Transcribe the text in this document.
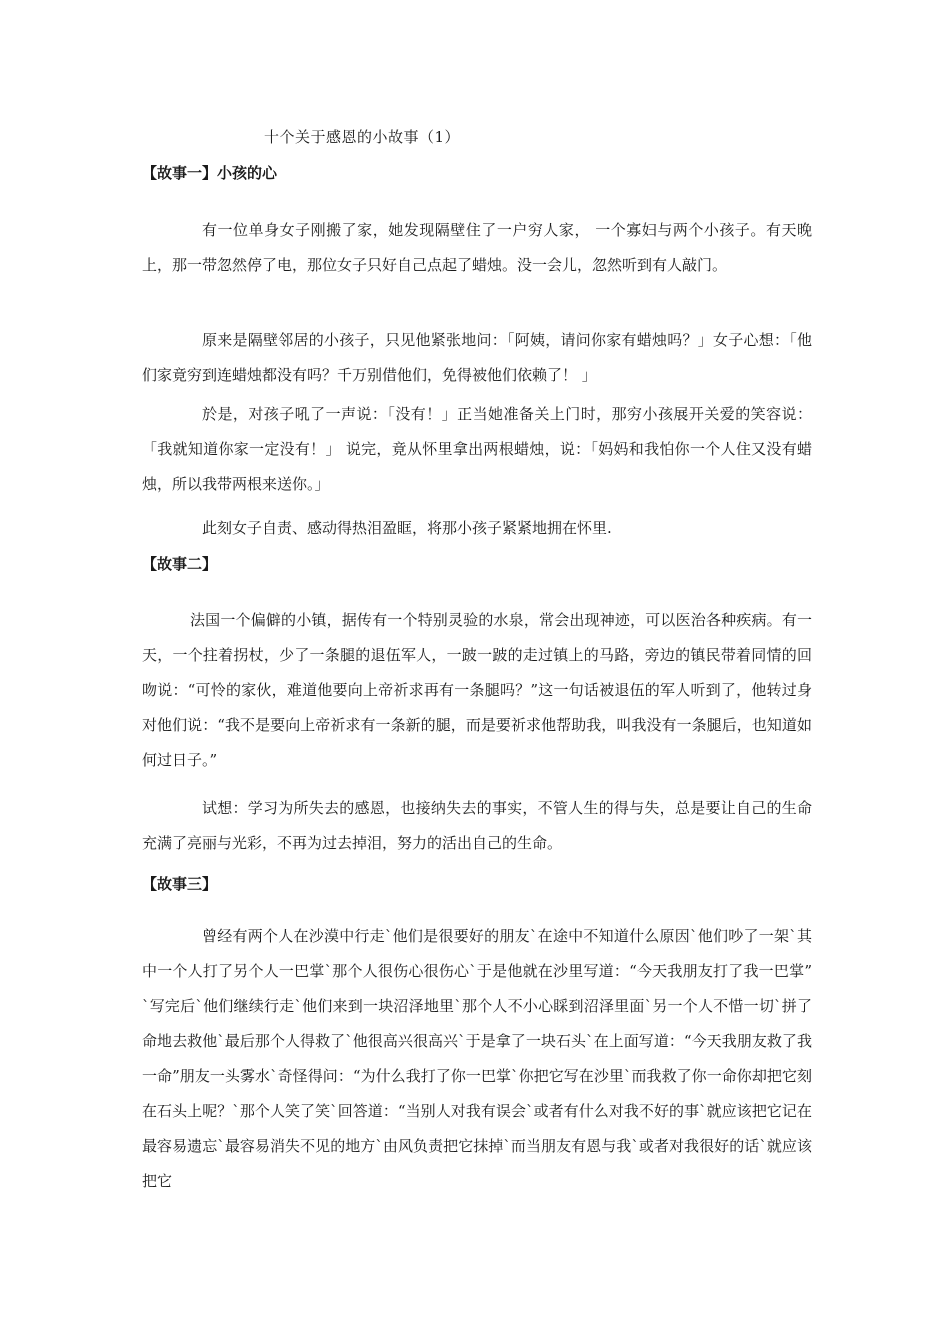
十个关于感恩的小故事（1）
【故事一】小孩的心

有一位单身女子刚搬了家，她发现隔壁住了一户穷人家， 一个寡妇与两个小孩子。有天晚上，那一带忽然停了电，那位女子只好自己点起了蜡烛。没一会儿，忽然听到有人敲门。

原来是隔壁邻居的小孩子，只见他紧张地问：「阿姨，请问你家有蜡烛吗？」女子心想：「他们家竟穷到连蜡烛都没有吗？千万别借他们，免得被他们依赖了！ 」

於是，对孩子吼了一声说：「没有！」正当她准备关上门时，那穷小孩展开关爱的笑容说：「我就知道你家一定没有！」 说完，竟从怀里拿出两根蜡烛，说：「妈妈和我怕你一个人住又没有蜡烛，所以我带两根来送你。」

此刻女子自责、感动得热泪盈眶，将那小孩子紧紧地拥在怀里.

【故事二】

法国一个偏僻的小镇，据传有一个特别灵验的水泉，常会出现神迹，可以医治各种疾病。有一天，一个拄着拐杖，少了一条腿的退伍军人，一跛一跛的走过镇上的马路，旁边的镇民带着同情的回吻说：“可怜的家伙，难道他要向上帝祈求再有一条腿吗？”这一句话被退伍的军人听到了，他转过身对他们说：“我不是要向上帝祈求有一条新的腿，而是要祈求他帮助我，叫我没有一条腿后，也知道如何过日子。”

试想：学习为所失去的感恩，也接纳失去的事实，不管人生的得与失，总是要让自己的生命充满了亮丽与光彩，不再为过去掉泪，努力的活出自己的生命。

【故事三】

曾经有两个人在沙漠中行走`他们是很要好的朋友`在途中不知道什么原因`他们吵了一架`其中一个人打了另个人一巴掌`那个人很伤心很伤心`于是他就在沙里写道：“今天我朋友打了我一巴掌” `写完后`他们继续行走`他们来到一块沼泽地里`那个人不小心睬到沼泽里面`另一个人不惜一切`拼了命地去救他`最后那个人得救了`他很高兴很高兴`于是拿了一块石头`在上面写道：“今天我朋友救了我一命”朋友一头雾水`奇怪得问：“为什么我打了你一巴掌`你把它写在沙里`而我救了你一命你却把它刻在石头上呢？`那个人笑了笑`回答道：“当别人对我有误会`或者有什么对我不好的事`就应该把它记在最容易遗忘`最容易消失不见的地方`由风负责把它抹掉`而当朋友有恩与我`或者对我很好的话`就应该把它
